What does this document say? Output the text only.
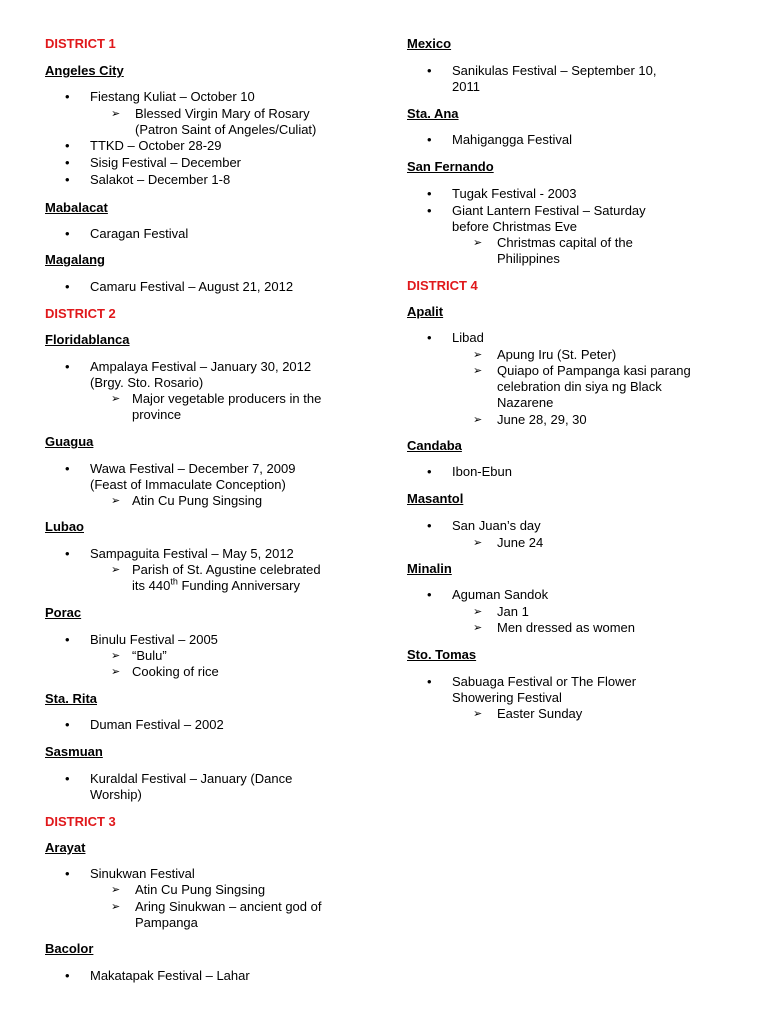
DISTRICT 1
Angeles City
• Fiestang Kuliat – October 10
➢ Blessed Virgin Mary of Rosary
(Patron Saint of Angeles/Culiat)
• TTKD – October 28-29
• Sisig Festival – December
• Salakot – December 1-8
Mabalacat
• Caragan Festival
Magalang
• Camaru Festival – August 21, 2012
DISTRICT 2
Floridablanca
• Ampalaya Festival – January 30, 2012
(Brgy. Sto. Rosario)
➢ Major vegetable producers in the
province
Guagua
• Wawa Festival – December 7, 2009
(Feast of Immaculate Conception)
➢ Atin Cu Pung Singsing
Lubao
• Sampaguita Festival – May 5, 2012
➢ Parish of St. Agustine celebrated
its 440th Funding Anniversary
Porac
• Binulu Festival – 2005
➢ “Bulu”
➢ Cooking of rice
Sta. Rita
• Duman Festival – 2002
Sasmuan
• Kuraldal Festival – January (Dance
Worship)
DISTRICT 3
Arayat
• Sinukwan Festival
➢ Atin Cu Pung Singsing
➢ Aring Sinukwan – ancient god of
Pampanga
Bacolor
• Makatapak Festival – Lahar
Mexico
• Sanikulas Festival – September 10,
2011
Sta. Ana
• Mahigangga Festival
San Fernando
• Tugak Festival - 2003
• Giant Lantern Festival – Saturday
before Christmas Eve
➢ Christmas capital of the
Philippines
DISTRICT 4
Apalit
• Libad
➢ Apung Iru (St. Peter)
➢ Quiapo of Pampanga kasi parang
celebration din siya ng Black
Nazarene
➢ June 28, 29, 30
Candaba
• Ibon-Ebun
Masantol
• San Juan’s day
➢ June 24
Minalin
• Aguman Sandok
➢ Jan 1
➢ Men dressed as women
Sto. Tomas
• Sabuaga Festival or The Flower
Showering Festival
➢ Easter Sunday
